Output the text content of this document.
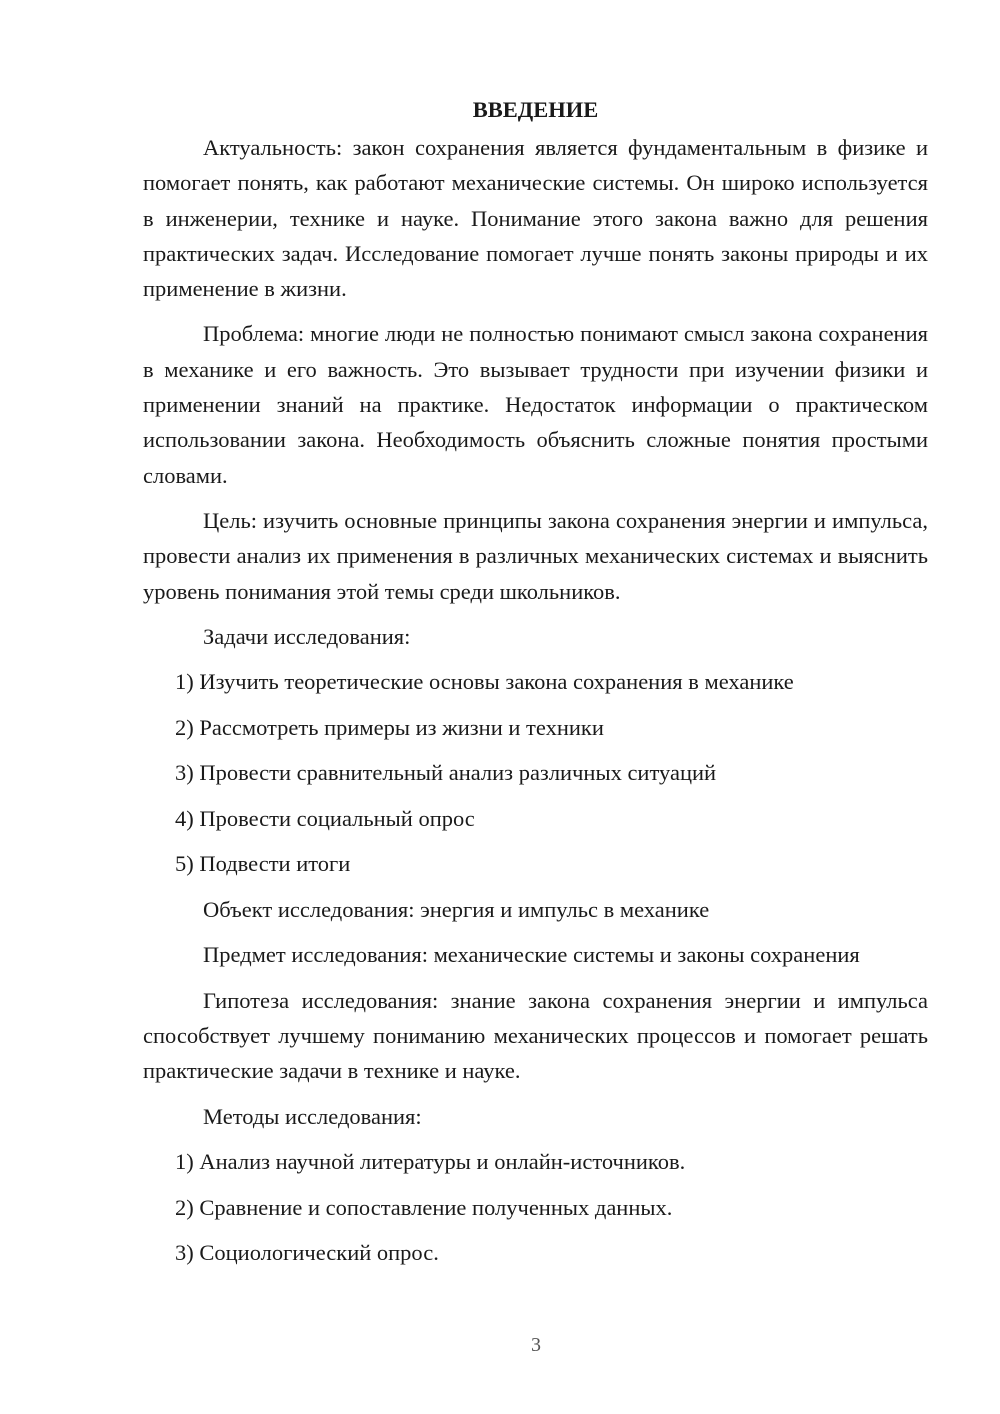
ВВЕДЕНИЕ

Актуальность: закон сохранения является фундаментальным в физике и помогает понять, как работают механические системы. Он широко используется в инженерии, технике и науке. Понимание этого закона важно для решения практических задач. Исследование помогает лучше понять законы природы и их применение в жизни.

Проблема: многие люди не полностью понимают смысл закона сохранения в механике и его важность. Это вызывает трудности при изучении физики и применении знаний на практике. Недостаток информации о практическом использовании закона. Необходимость объяснить сложные понятия простыми словами.

Цель: изучить основные принципы закона сохранения энергии и импульса, провести анализ их применения в различных механических системах и выяснить уровень понимания этой темы среди школьников.

Задачи исследования:
1) Изучить теоретические основы закона сохранения в механике
2) Рассмотреть примеры из жизни и техники
3) Провести сравнительный анализ различных ситуаций
4) Провести социальный опрос
5) Подвести итоги
Объект исследования: энергия и импульс в механике
Предмет исследования: механические системы и законы сохранения

Гипотеза исследования: знание закона сохранения энергии и импульса способствует лучшему пониманию механических процессов и помогает решать практические задачи в технике и науке.

Методы исследования:
1) Анализ научной литературы и онлайн-источников.
2) Сравнение и сопоставление полученных данных.
3) Социологический опрос.
3
